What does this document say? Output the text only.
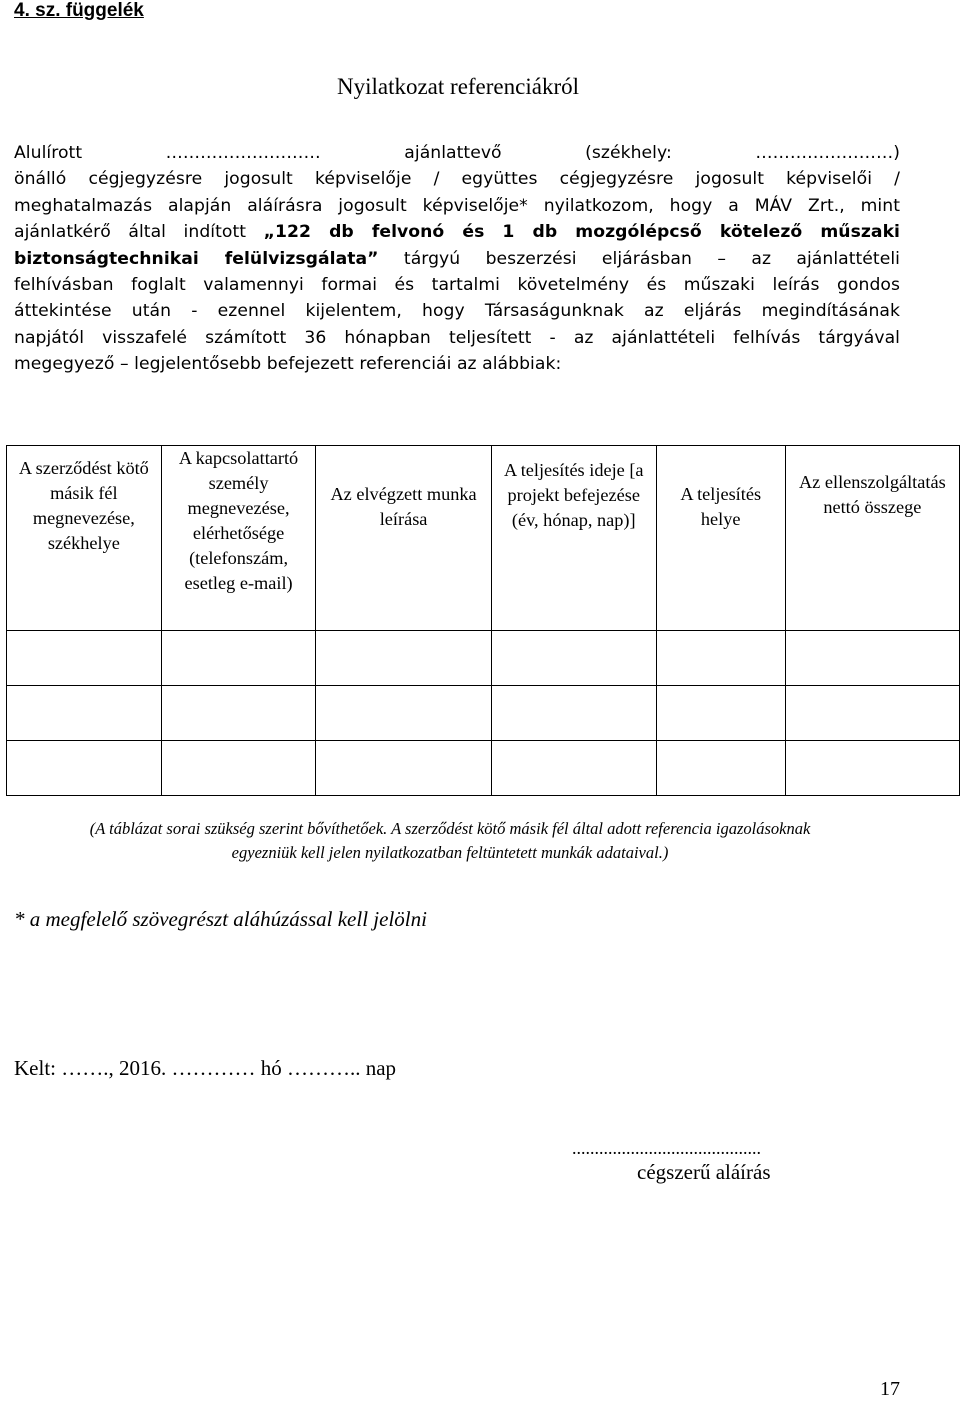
4. sz. függelék
Nyilatkozat referenciákról
Alulírott ……………………… ajánlattevő (székhely: ……………………)
önálló cégjegyzésre jogosult képviselője / együttes cégjegyzésre jogosult képviselői /
meghatalmazás alapján aláírásra jogosult képviselője* nyilatkozom, hogy a MÁV Zrt., mint
ajánlatkérő által indított „122 db felvonó és 1 db mozgólépcső kötelező műszaki
biztonságtechnikai felülvizsgálata” tárgyú beszerzési eljárásban – az ajánlattételi
felhívásban foglalt valamennyi formai és tartalmi követelmény és műszaki leírás gondos
áttekintése után - ezennel kijelentem, hogy Társaságunknak az eljárás megindításának
napjától visszafelé számított 36 hónapban teljesített - az ajánlattételi felhívás tárgyával
megegyező – legjelentősebb befejezett referenciái az alábbiak:
A szerződést kötő másik fél megnevezése, székhelye	A kapcsolattartó személy megnevezése, elérhetősége (telefonszám, esetleg e-mail)	Az elvégzett munka leírása	A teljesítés ideje [a projekt befejezése (év, hónap, nap)]	A teljesítés helye	Az ellenszolgáltatás nettó összege

(A táblázat sorai szükség szerint bővíthetőek. A szerződést kötő másik fél által adott referencia igazolásoknak
egyezniük kell jelen nyilatkozatban feltüntetett munkák adataival.)
* a megfelelő szövegrészt aláhúzással kell jelölni
Kelt: ……., 2016. ………… hó ……….. nap
..........................................
cégszerű aláírás
17
